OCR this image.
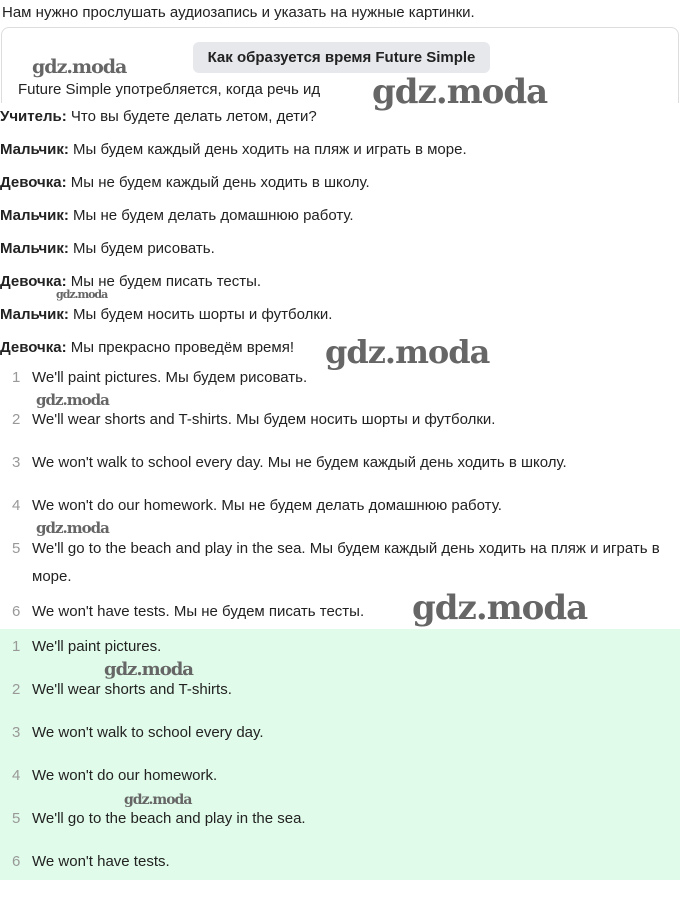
Нам нужно прослушать аудиозапись и указать на нужные картинки.
Как образуется время Future Simple
Future Simple употребляется, когда речь ид
Учитель: Что вы будете делать летом, дети?
Мальчик: Мы будем каждый день ходить на пляж и играть в море.
Девочка: Мы не будем каждый день ходить в школу.
Мальчик: Мы не будем делать домашнюю работу.
Мальчик: Мы будем рисовать.
Девочка: Мы не будем писать тесты.
Мальчик: Мы будем носить шорты и футболки.
Девочка: Мы прекрасно проведём время!
1 We'll paint pictures. Мы будем рисовать.
2 We'll wear shorts and T-shirts. Мы будем носить шорты и футболки.
3 We won't walk to school every day. Мы не будем каждый день ходить в школу.
4 We won't do our homework. Мы не будем делать домашнюю работу.
5 We'll go to the beach and play in the sea. Мы будем каждый день ходить на пляж и играть в море.
6 We won't have tests. Мы не будем писать тесты.
1 We'll paint pictures.
2 We'll wear shorts and T-shirts.
3 We won't walk to school every day.
4 We won't do our homework.
5 We'll go to the beach and play in the sea.
6 We won't have tests.
gdz.moda
gdz.moda
gdz.moda
gdz.moda
gdz.moda
gdz.moda
gdz.moda
gdz.moda
gdz.moda
